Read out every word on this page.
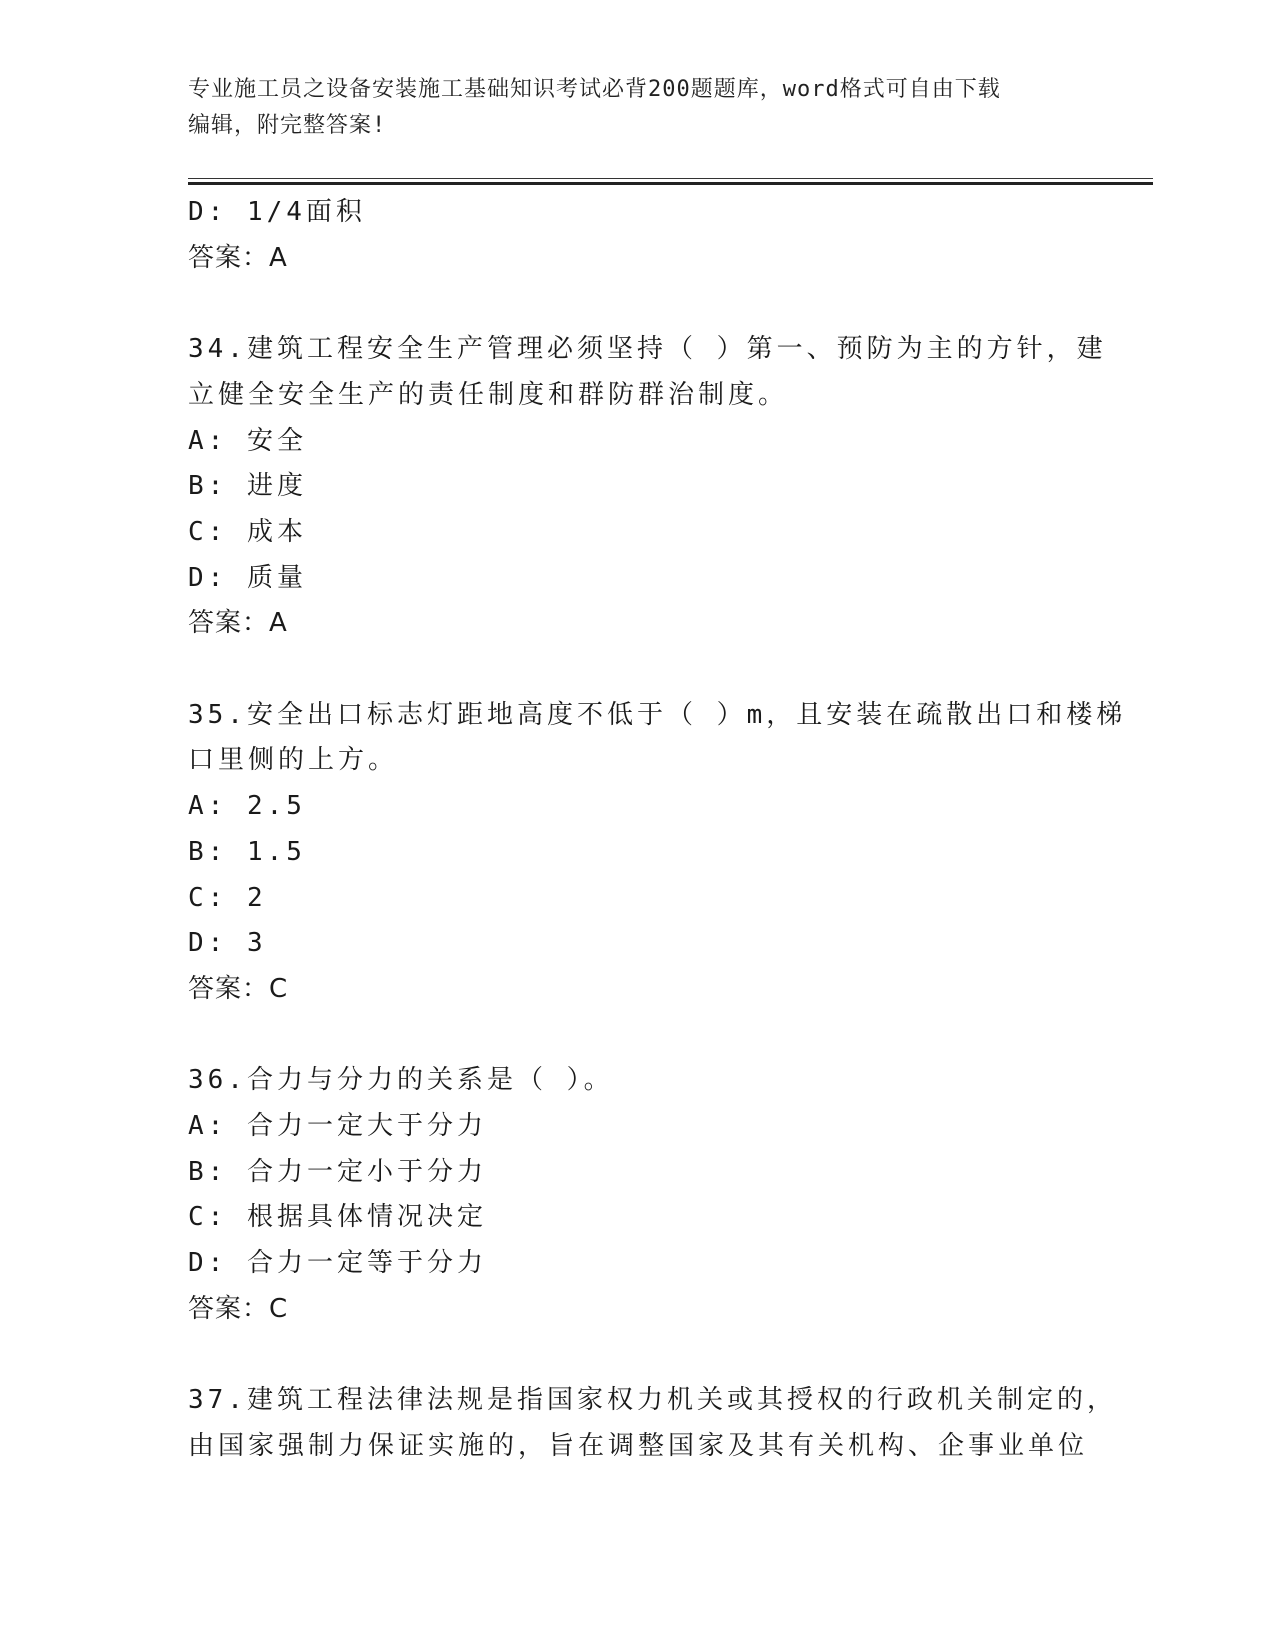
专业施工员之设备安装施工基础知识考试必背200题题库，word格式可自由下载
编辑，附完整答案!

D: 1/4面积

答案：A

34.建筑工程安全生产管理必须坚持（ ）第一、预防为主的方针，建

立健全安全生产的责任制度和群防群治制度。

A: 安全

B: 进度

C: 成本

D: 质量

答案：A

35.安全出口标志灯距地高度不低于（ ）m，且安装在疏散出口和楼梯

口里侧的上方。

A: 2.5

B: 1.5

C: 2

D: 3

答案：C

36.合力与分力的关系是（ ）。

A: 合力一定大于分力

B: 合力一定小于分力

C: 根据具体情况决定

D: 合力一定等于分力

答案：C

37.建筑工程法律法规是指国家权力机关或其授权的行政机关制定的，

由国家强制力保证实施的，旨在调整国家及其有关机构、企事业单位
